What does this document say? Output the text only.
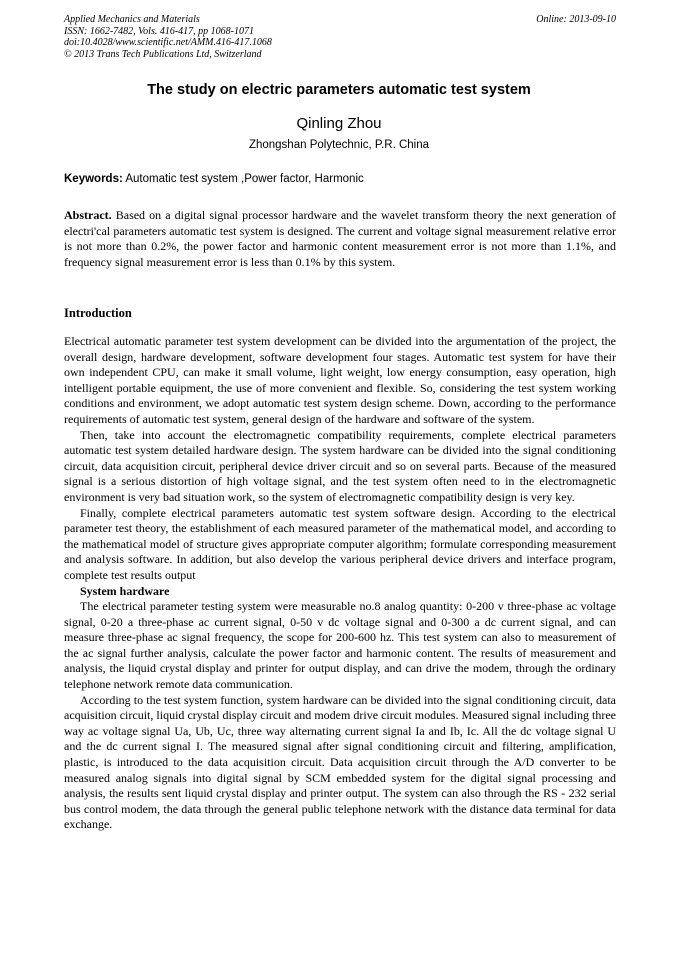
Applied Mechanics and Materials
ISSN: 1662-7482, Vols. 416-417, pp 1068-1071
doi:10.4028/www.scientific.net/AMM.416-417.1068
© 2013 Trans Tech Publications Ltd, Switzerland
Online: 2013-09-10
The study on electric parameters automatic test system
Qinling Zhou
Zhongshan Polytechnic, P.R. China
Keywords: Automatic test system ,Power factor, Harmonic

Abstract. Based on a digital signal processor hardware and the wavelet transform theory the next generation of electri'cal parameters automatic test system is designed. The current and voltage signal measurement relative error is not more than 0.2%, the power factor and harmonic content measurement error is not more than 1.1%, and frequency signal measurement error is less than 0.1% by this system.

Introduction

Electrical automatic parameter test system development can be divided into the argumentation of the project, the overall design, hardware development, software development four stages. Automatic test system for have their own independent CPU, can make it small volume, light weight, low energy consumption, easy operation, high intelligent portable equipment, the use of more convenient and flexible. So, considering the test system working conditions and environment, we adopt automatic test system design scheme. Down, according to the performance requirements of automatic test system, general design of the hardware and software of the system.

Then, take into account the electromagnetic compatibility requirements, complete electrical parameters automatic test system detailed hardware design. The system hardware can be divided into the signal conditioning circuit, data acquisition circuit, peripheral device driver circuit and so on several parts. Because of the measured signal is a serious distortion of high voltage signal, and the test system often need to in the electromagnetic environment is very bad situation work, so the system of electromagnetic compatibility design is very key.

Finally, complete electrical parameters automatic test system software design. According to the electrical parameter test theory, the establishment of each measured parameter of the mathematical model, and according to the mathematical model of structure gives appropriate computer algorithm; formulate corresponding measurement and analysis software. In addition, but also develop the various peripheral device drivers and interface program, complete test results output

System hardware

The electrical parameter testing system were measurable no.8 analog quantity: 0-200 v three-phase ac voltage signal, 0-20 a three-phase ac current signal, 0-50 v dc voltage signal and 0-300 a dc current signal, and can measure three-phase ac signal frequency, the scope for 200-600 hz. This test system can also to measurement of the ac signal further analysis, calculate the power factor and harmonic content. The results of measurement and analysis, the liquid crystal display and printer for output display, and can drive the modem, through the ordinary telephone network remote data communication.

According to the test system function, system hardware can be divided into the signal conditioning circuit, data acquisition circuit, liquid crystal display circuit and modem drive circuit modules. Measured signal including three way ac voltage signal Ua, Ub, Uc, three way alternating current signal Ia and Ib, Ic. All the dc voltage signal U and the dc current signal I. The measured signal after signal conditioning circuit and filtering, amplification, plastic, is introduced to the data acquisition circuit. Data acquisition circuit through the A/D converter to be measured analog signals into digital signal by SCM embedded system for the digital signal processing and analysis, the results sent liquid crystal display and printer output. The system can also through the RS - 232 serial bus control modem, the data through the general public telephone network with the distance data terminal for data exchange.
